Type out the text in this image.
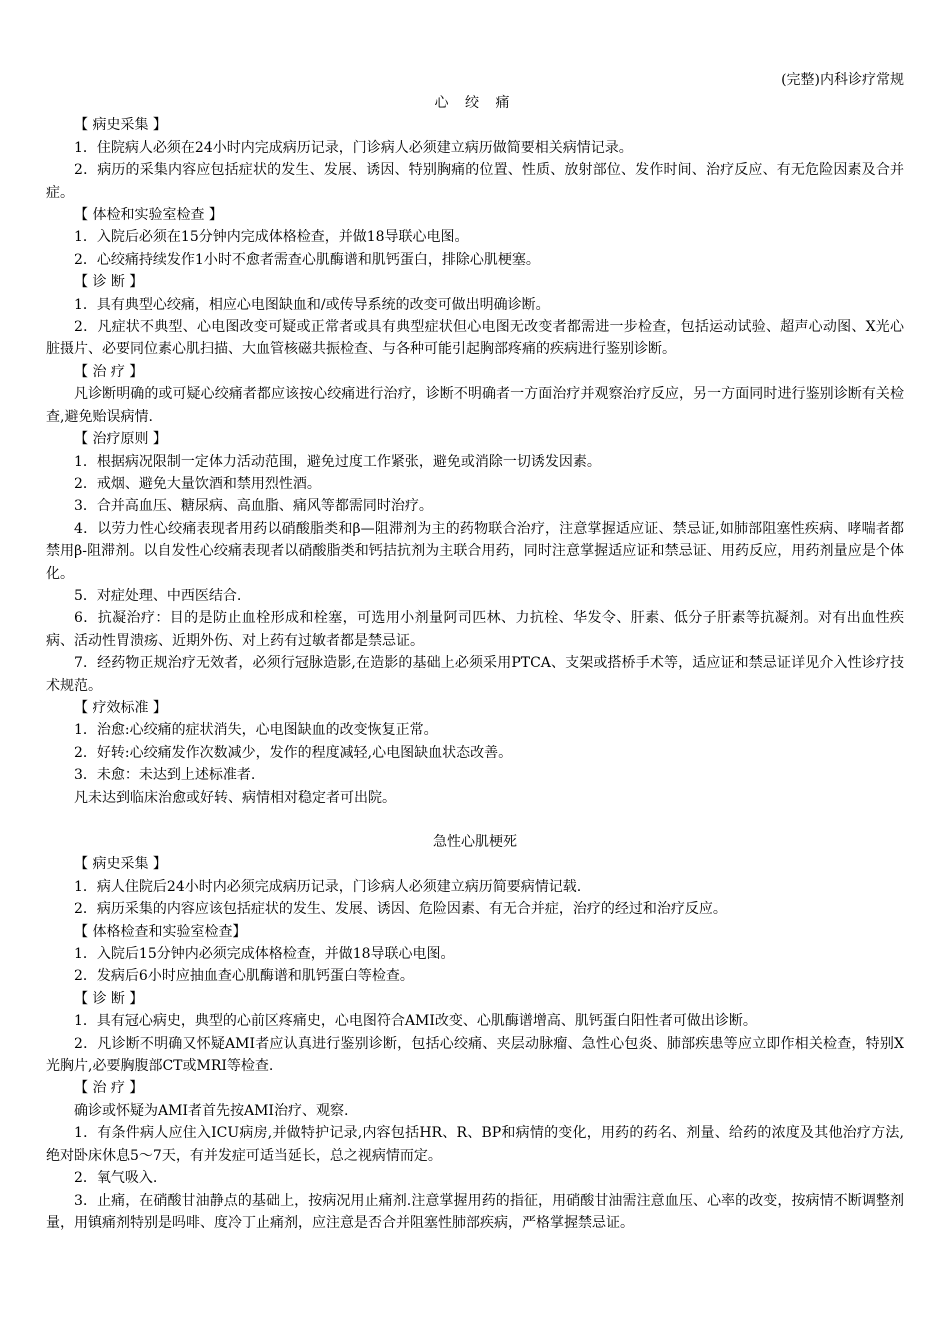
(完整)内科诊疗常规
心 绞 痛

【 病史采集 】

1．住院病人必须在24小时内完成病历记录，门诊病人必须建立病历做简要相关病情记录。

2．病历的采集内容应包括症状的发生、发展、诱因、特别胸痛的位置、性质、放射部位、发作时间、治疗反应、有无危险因素及合并症。

【 体检和实验室检查 】

1．入院后必须在15分钟内完成体格检查，并做18导联心电图。

2．心绞痛持续发作1小时不愈者需查心肌酶谱和肌钙蛋白，排除心肌梗塞。

【 诊 断 】

1．具有典型心绞痛，相应心电图缺血和/或传导系统的改变可做出明确诊断。

2．凡症状不典型、心电图改变可疑或正常者或具有典型症状但心电图无改变者都需进一步检查，包括运动试验、超声心动图、X光心脏摄片、必要同位素心肌扫描、大血管核磁共振检查、与各种可能引起胸部疼痛的疾病进行鉴别诊断。

【 治 疗 】

凡诊断明确的或可疑心绞痛者都应该按心绞痛进行治疗，诊断不明确者一方面治疗并观察治疗反应，另一方面同时进行鉴别诊断有关检查,避免贻误病情.

【 治疗原则 】

1．根据病况限制一定体力活动范围，避免过度工作紧张，避免或消除一切诱发因素。

2．戒烟、避免大量饮酒和禁用烈性酒。

3．合并高血压、糖尿病、高血脂、痛风等都需同时治疗。

4．以劳力性心绞痛表现者用药以硝酸脂类和β—阻滞剂为主的药物联合治疗，注意掌握适应证、禁忌证,如肺部阻塞性疾病、哮喘者都禁用β-阻滞剂。以自发性心绞痛表现者以硝酸脂类和钙拮抗剂为主联合用药，同时注意掌握适应证和禁忌证、用药反应，用药剂量应是个体化。

5．对症处理、中西医结合.

6．抗凝治疗：目的是防止血栓形成和栓塞，可选用小剂量阿司匹林、力抗栓、华发令、肝素、低分子肝素等抗凝剂。对有出血性疾病、活动性胃溃疡、近期外伤、对上药有过敏者都是禁忌证。

7．经药物正规治疗无效者，必须行冠脉造影,在造影的基础上必须采用PTCA、支架或搭桥手术等，适应证和禁忌证详见介入性诊疗技术规范。

【 疗效标准 】

1．治愈:心绞痛的症状消失，心电图缺血的改变恢复正常。

2．好转:心绞痛发作次数减少，发作的程度减轻,心电图缺血状态改善。

3．未愈：未达到上述标准者.

凡未达到临床治愈或好转、病情相对稳定者可出院。

急性心肌梗死

【 病史采集 】

1．病人住院后24小时内必须完成病历记录，门诊病人必须建立病历简要病情记载.

2．病历采集的内容应该包括症状的发生、发展、诱因、危险因素、有无合并症，治疗的经过和治疗反应。

【 体格检查和实验室检查】

1．入院后15分钟内必须完成体格检查，并做18导联心电图。

2．发病后6小时应抽血查心肌酶谱和肌钙蛋白等检查。

【 诊 断 】

1．具有冠心病史，典型的心前区疼痛史，心电图符合AMI改变、心肌酶谱增高、肌钙蛋白阳性者可做出诊断。

2．凡诊断不明确又怀疑AMI者应认真进行鉴别诊断，包括心绞痛、夹层动脉瘤、急性心包炎、肺部疾患等应立即作相关检查，特别X光胸片,必要胸腹部CT或MRI等检查.

【 治 疗 】

确诊或怀疑为AMI者首先按AMI治疗、观察.

1．有条件病人应住入ICU病房,并做特护记录,内容包括HR、R、BP和病情的变化，用药的药名、剂量、给药的浓度及其他治疗方法,绝对卧床休息5～7天，有并发症可适当延长，总之视病情而定。

2．氧气吸入.

3．止痛，在硝酸甘油静点的基础上，按病况用止痛剂.注意掌握用药的指征，用硝酸甘油需注意血压、心率的改变，按病情不断调整剂量，用镇痛剂特别是吗啡、度冷丁止痛剂，应注意是否合并阻塞性肺部疾病，严格掌握禁忌证。
